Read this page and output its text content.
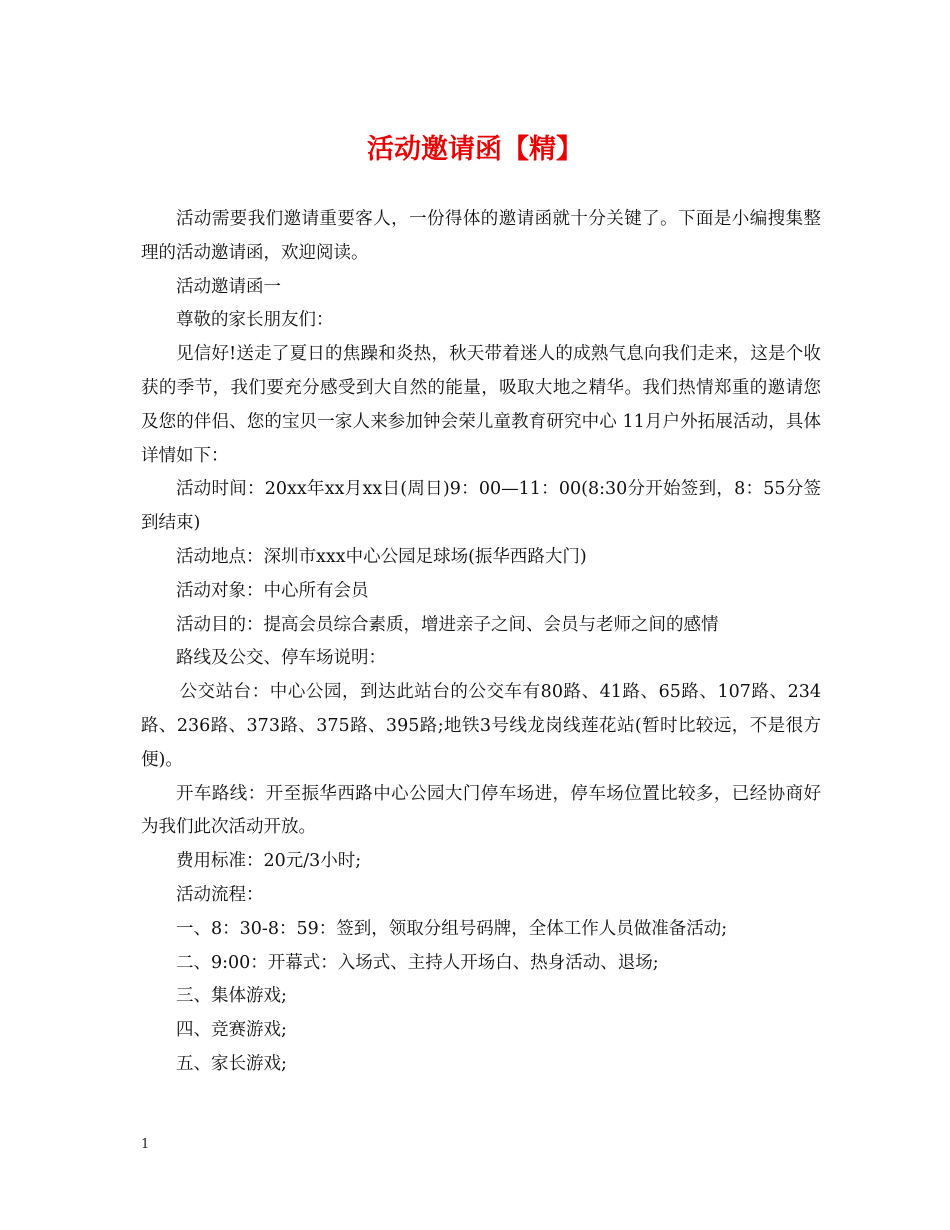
活动邀请函【精】

活动需要我们邀请重要客人，一份得体的邀请函就十分关键了。下面是小编搜集整理的活动邀请函，欢迎阅读。

活动邀请函一

尊敬的家长朋友们：

见信好!送走了夏日的焦躁和炎热，秋天带着迷人的成熟气息向我们走来，这是个收获的季节，我们要充分感受到大自然的能量，吸取大地之精华。我们热情郑重的邀请您及您的伴侣、您的宝贝一家人来参加钟会荣儿童教育研究中心 11月户外拓展活动，具体详情如下：

活动时间：20xx年xx月xx日(周日)9：00—11：00(8:30分开始签到，8：55分签到结束)

活动地点：深圳市xxx中心公园足球场(振华西路大门)

活动对象：中心所有会员

活动目的：提高会员综合素质，增进亲子之间、会员与老师之间的感情

路线及公交、停车场说明：

公交站台：中心公园，到达此站台的公交车有80路、41路、65路、107路、234路、236路、373路、375路、395路;地铁3号线龙岗线莲花站(暂时比较远，不是很方便)。

开车路线：开至振华西路中心公园大门停车场进，停车场位置比较多，已经协商好为我们此次活动开放。

费用标准：20元/3小时;

活动流程：

一、8：30-8：59：签到，领取分组号码牌，全体工作人员做准备活动;

二、9:00：开幕式：入场式、主持人开场白、热身活动、退场;

三、集体游戏;

四、竞赛游戏;

五、家长游戏;

1
